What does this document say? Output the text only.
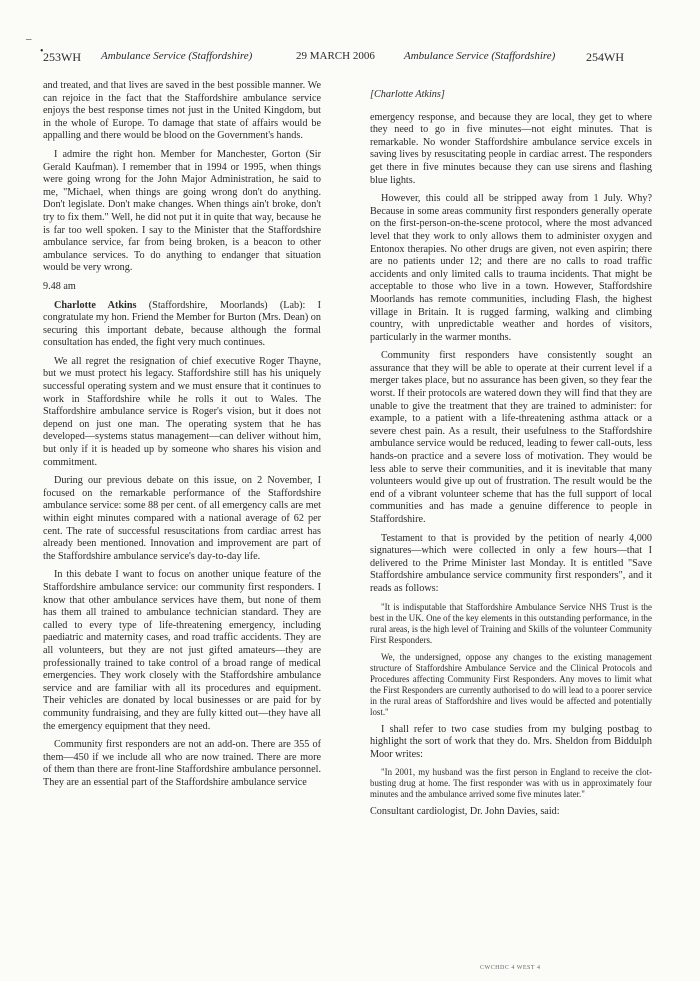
–
• 253WH Ambulance Service (Staffordshire)	29 MARCH 2006	Ambulance Service (Staffordshire)	254WH

and treated, and that lives are saved in the best possible manner. We can rejoice in the fact that the Staffordshire ambulance service enjoys the best response times not just in the United Kingdom, but in the whole of Europe. To damage that state of affairs would be appalling and there would be blood on the Government's hands.

I admire the right hon. Member for Manchester, Gorton (Sir Gerald Kaufman). I remember that in 1994 or 1995, when things were going wrong for the John Major Administration, he said to me, "Michael, when things are going wrong don't do anything. Don't legislate. Don't make changes. When things ain't broke, don't try to fix them." Well, he did not put it in quite that way, because he is far too well spoken. I say to the Minister that the Staffordshire ambulance service, far from being broken, is a beacon to other ambulance services. To do anything to endanger that situation would be very wrong.

9.48 am

Charlotte Atkins (Staffordshire, Moorlands) (Lab): I congratulate my hon. Friend the Member for Burton (Mrs. Dean) on securing this important debate, because although the formal consultation has ended, the fight very much continues.

We all regret the resignation of chief executive Roger Thayne, but we must protect his legacy. Staffordshire still has his uniquely successful operating system and we must ensure that it continues to work in Staffordshire while he rolls it out to Wales. The Staffordshire ambulance service is Roger's vision, but it does not depend on just one man. The operating system that he has developed—systems status management—can deliver without him, but only if it is headed up by someone who shares his vision and commitment.

During our previous debate on this issue, on 2 November, I focused on the remarkable performance of the Staffordshire ambulance service: some 88 per cent. of all emergency calls are met within eight minutes compared with a national average of 62 per cent. The rate of successful resuscitations from cardiac arrest has already been mentioned. Innovation and improvement are part of the Staffordshire ambulance service's day-to-day life.

In this debate I want to focus on another unique feature of the Staffordshire ambulance service: our community first responders. I know that other ambulance services have them, but none of them has them all trained to ambulance technician standard. They are called to every type of life-threatening emergency, including paediatric and maternity cases, and road traffic accidents. They are all volunteers, but they are not just gifted amateurs—they are professionally trained to take control of a broad range of medical emergencies. They work closely with the Staffordshire ambulance service and are familiar with all its procedures and equipment. Their vehicles are donated by local businesses or are paid for by community fundraising, and they are fully kitted out—they have all the emergency equipment that they need.

Community first responders are not an add-on. There are 355 of them—450 if we include all who are now trained. There are more of them than there are front-line Staffordshire ambulance personnel. They are an essential part of the Staffordshire ambulance service

[Charlotte Atkins]

emergency response, and because they are local, they get to where they need to go in five minutes—not eight minutes. That is remarkable. No wonder Staffordshire ambulance service excels in saving lives by resuscitating people in cardiac arrest. The responders get there in five minutes because they can use sirens and flashing blue lights.

However, this could all be stripped away from 1 July. Why? Because in some areas community first responders generally operate on the first-person-on-the-scene protocol, where the most advanced level that they work to only allows them to administer oxygen and Entonox therapies. No other drugs are given, not even aspirin; there are no patients under 12; and there are no calls to road traffic accidents and only limited calls to trauma incidents. That might be acceptable to those who live in a town. However, Staffordshire Moorlands has remote communities, including Flash, the highest village in Britain. It is rugged farming, walking and climbing country, with unpredictable weather and hordes of visitors, particularly in the warmer months.

Community first responders have consistently sought an assurance that they will be able to operate at their current level if a merger takes place, but no assurance has been given, so they fear the worst. If their protocols are watered down they will find that they are unable to give the treatment that they are trained to administer: for example, to a patient with a life-threatening asthma attack or a severe chest pain. As a result, their usefulness to the Staffordshire ambulance service would be reduced, leading to fewer call-outs, less hands-on practice and a severe loss of motivation. They would be less able to serve their communities, and it is inevitable that many volunteers would give up out of frustration. The result would be the end of a vibrant volunteer scheme that has the full support of local communities and has made a genuine difference to people in Staffordshire.

Testament to that is provided by the petition of nearly 4,000 signatures—which were collected in only a few hours—that I delivered to the Prime Minister last Monday. It is entitled "Save Staffordshire ambulance service community first responders", and it reads as follows:

"It is indisputable that Staffordshire Ambulance Service NHS Trust is the best in the UK. One of the key elements in this outstanding performance, in the rural areas, is the high level of Training and Skills of the volunteer Community First Responders.

We, the undersigned, oppose any changes to the existing management structure of Staffordshire Ambulance Service and the Clinical Protocols and Procedures affecting Community First Responders. Any moves to limit what the First Responders are currently authorised to do will lead to a poorer service in the rural areas of Staffordshire and lives would be affected and potentially lost."

I shall refer to two case studies from my bulging postbag to highlight the sort of work that they do. Mrs. Sheldon from Biddulph Moor writes:

"In 2001, my husband was the first person in England to receive the clot-busting drug at home. The first responder was with us in approximately four minutes and the ambulance arrived some five minutes later."

Consultant cardiologist, Dr. John Davies, said:

CWCHDC 4 WEST 4
